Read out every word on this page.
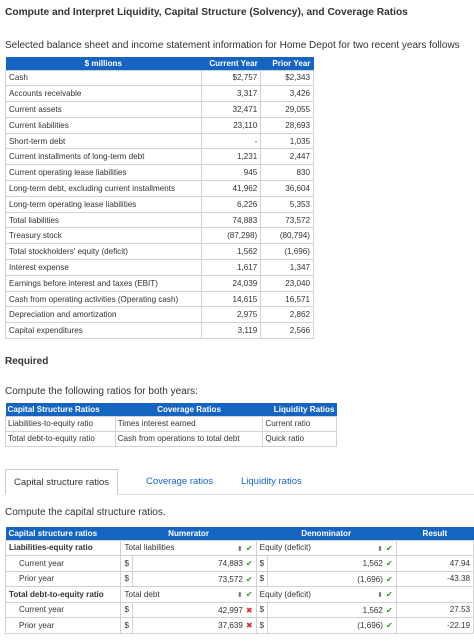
Compute and Interpret Liquidity, Capital Structure (Solvency), and Coverage Ratios
Selected balance sheet and income statement information for Home Depot for two recent years follows
$ millions	Current Year	Prior Year
Cash	$2,757	$2,343
Accounts receivable	3,317	3,426
Current assets	32,471	29,055
Current liabilities	23,110	28,693
Short-term debt	-	1,035
Current installments of long-term debt	1,231	2,447
Current operating lease liabilities	945	830
Long-term debt, excluding current installments	41,962	36,604
Long-term operating lease liabilities	6,226	5,353
Total liabilities	74,883	73,572
Treasury stock	(87,298)	(80,794)
Total stockholders' equity (deficit)	1,562	(1,696)
Interest expense	1,617	1,347
Earnings before interest and taxes (EBIT)	24,039	23,040
Cash from operating activities (Operating cash)	14,615	16,571
Depreciation and amortization	2,975	2,862
Capital expenditures	3,119	2,566
Required
Compute the following ratios for both years:
Capital Structure Ratios	Coverage Ratios	Liquidity Ratios
Liabilities-to-equity ratio	Times interest earned	Current ratio
Total debt-to-equity ratio	Cash from operations to total debt	Quick ratio
Capital structure ratios	Coverage ratios	Liquidity ratios
Compute the capital structure ratios.
Capital structure ratios	Numerator		Denominator		Result
Liabilities-equity ratio	Total liabilities ⬍ ✔		Equity (deficit) ⬍ ✔		

Current year	$	74,883 ✔	$	1,562 ✔	47.94
Prior year	$	73,572 ✔	$	(1,696) ✔	-43.38
Total debt-to-equity ratio	Total debt ⬍ ✔		Equity (deficit) ⬍ ✔		

Current year	$	42,997 ✖	$	1,562 ✔	27.53
Prior year	$	37,639 ✖	$	(1,696) ✔	-22.19
